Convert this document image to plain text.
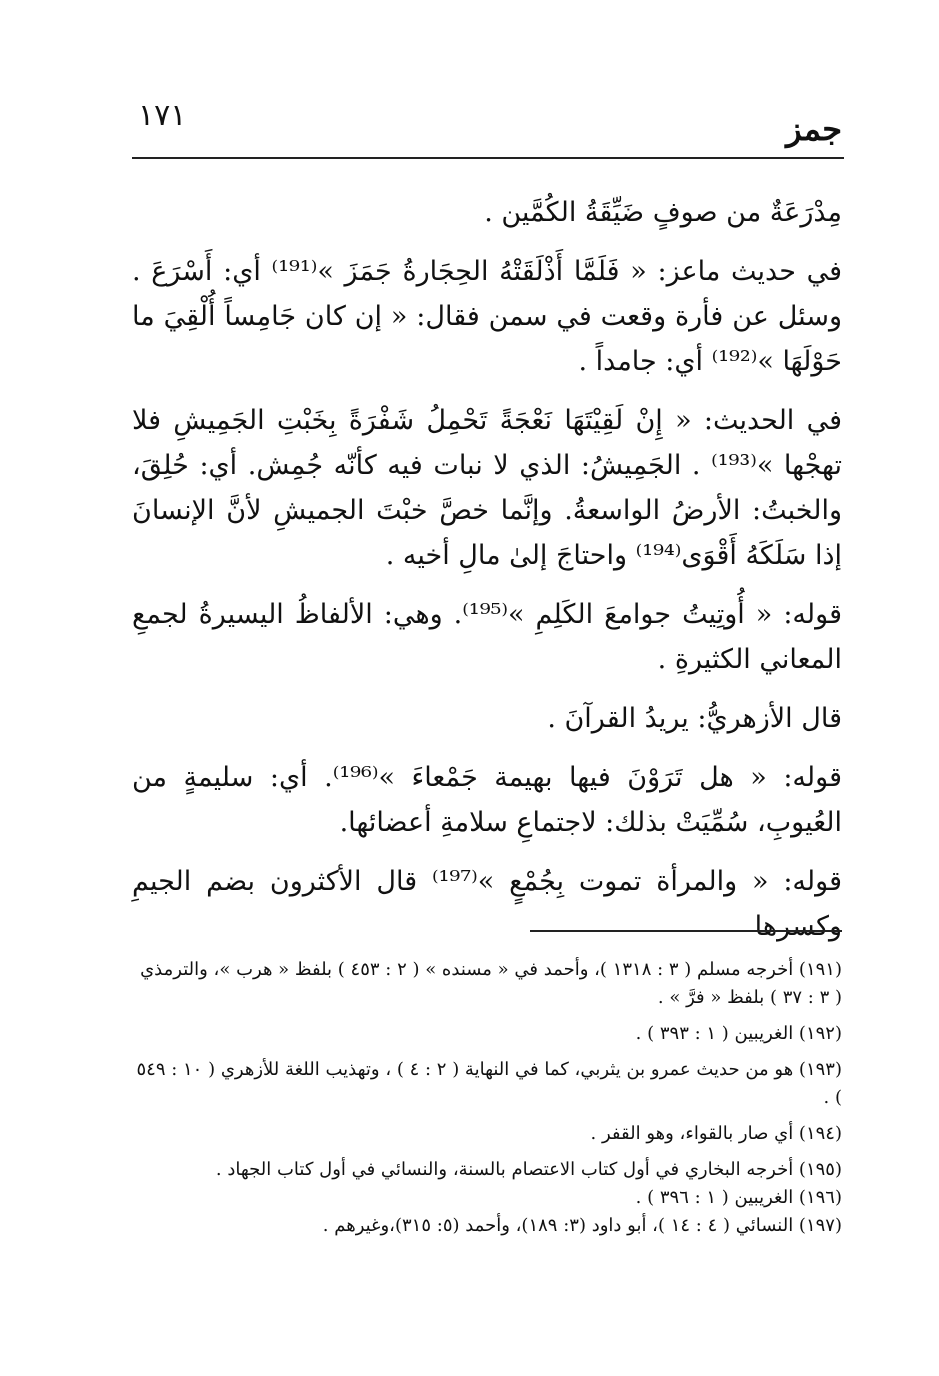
١٧١	جمز

مِدْرَعَةٌ من صوفٍ ضَيِّقَةُ الكُمَّين .

في حديث ماعز: « فَلَمَّا أَذْلَقَتْهُ الحِجَارةُ جَمَزَ »⁽¹⁹¹⁾ أي: أَسْرَعَ . وسئل عن فأرة وقعت في سمن فقال: « إن كان جَامِساً أُلْقِيَ ما حَوْلَهَا »⁽¹⁹²⁾ أي: جامداً .

في الحديث: « إِنْ لَقِيْتَهَا نَعْجَةً تَحْمِلُ شَفْرَةً بِخَبْتِ الجَمِيشِ فلا تهجْها »⁽¹⁹³⁾ . الجَمِيشُ: الذي لا نبات فيه كأنّه جُمِش. أي: حُلِقَ، والخبتُ: الأرضُ الواسعةُ. وإنَّما خصَّ خبْتَ الجميشِ لأنَّ الإنسانَ إذا سَلَكَهُ أَقْوَى⁽¹⁹⁴⁾ واحتاجَ إلىٰ مالِ أخيه .

قوله: « أُوتِيتُ جوامعَ الكَلِمِ »⁽¹⁹⁵⁾. وهي: الألفاظُ اليسيرةُ لجمعِ المعاني الكثيرةِ .

قال الأزهريُّ: يريدُ القرآنَ .

قوله: « هل تَرَوْنَ فيها بهيمة جَمْعاءَ »⁽¹⁹⁶⁾. أي: سليمةٍ من العُيوبِ، سُمِّيَتْ بذلك: لاجتماعِ سلامةِ أعضائها.

قوله: « والمرأة تموت بِجُمْعٍ »⁽¹⁹⁷⁾ قال الأكثرون بضم الجيمِ وكسرها

(١٩١) أخرجه مسلم ( ٣ : ١٣١٨ )، وأحمد في « مسنده » ( ٢ : ٤٥٣ ) بلفظ « هرب »، والترمذي ( ٣ : ٣٧ ) بلفظ « فرَّ » .

(١٩٢) الغريبين ( ١ : ٣٩٣ ) .

(١٩٣) هو من حديث عمرو بن يثربي، كما في النهاية ( ٢ : ٤ ) ، وتهذيب اللغة للأزهري ( ١٠ : ٥٤٩ ) .

(١٩٤) أي صار بالقواء، وهو القفر .

(١٩٥) أخرجه البخاري في أول كتاب الاعتصام بالسنة، والنسائي في أول كتاب الجهاد .

(١٩٦) الغريبين ( ١ : ٣٩٦ ) .

(١٩٧) النسائي ( ٤ : ١٤ )، أبو داود (٣: ١٨٩)، وأحمد (٥: ٣١٥)،وغيرهم .
